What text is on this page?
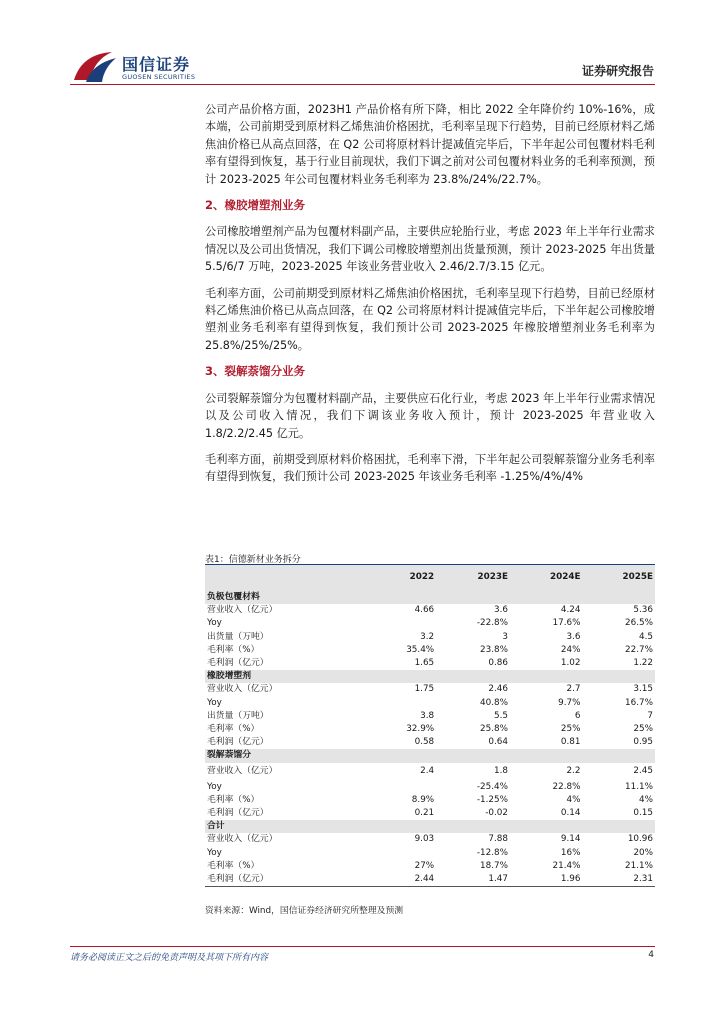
国信证券
GUOSEN SECURITIES	证券研究报告

公司产品价格方面，2023H1 产品价格有所下降，相比 2022 全年降价约 10%-16%，成本端，公司前期受到原材料乙烯焦油价格困扰，毛利率呈现下行趋势，目前已经原材料乙烯焦油价格已从高点回落，在 Q2 公司将原材料计提减值完毕后，下半年起公司包覆材料毛利率有望得到恢复，基于行业目前现状，我们下调之前对公司包覆材料业务的毛利率预测，预计 2023-2025 年公司包覆材料业务毛利率为 23.8%/24%/22.7%。

2、橡胶增塑剂业务

公司橡胶增塑剂产品为包覆材料副产品，主要供应轮胎行业，考虑 2023 年上半年行业需求情况以及公司出货情况，我们下调公司橡胶增塑剂出货量预测，预计 2023-2025 年出货量 5.5/6/7 万吨，2023-2025 年该业务营业收入 2.46/2.7/3.15 亿元。

毛利率方面，公司前期受到原材料乙烯焦油价格困扰，毛利率呈现下行趋势，目前已经原材料乙烯焦油价格已从高点回落，在 Q2 公司将原材料计提减值完毕后，下半年起公司橡胶增塑剂业务毛利率有望得到恢复，我们预计公司 2023-2025 年橡胶增塑剂业务毛利率为 25.8%/25%/25%。

3、裂解萘馏分业务

公司裂解萘馏分为包覆材料副产品，主要供应石化行业，考虑 2023 年上半年行业需求情况以及公司收入情况，我们下调该业务收入预计，预计 2023-2025 年营业收入 1.8/2.2/2.45 亿元。

毛利率方面，前期受到原材料价格困扰，毛利率下滑，下半年起公司裂解萘馏分业务毛利率有望得到恢复，我们预计公司 2023-2025 年该业务毛利率 -1.25%/4%/4%

表1：信德新材业务拆分
	2022	2023E	2024E	2025E
负极包覆材料				
营业收入（亿元）	4.66	3.6	4.24	5.36
Yoy		-22.8%	17.6%	26.5%
出货量（万吨）	3.2	3	3.6	4.5
毛利率（%）	35.4%	23.8%	24%	22.7%
毛利润（亿元）	1.65	0.86	1.02	1.22
橡胶增塑剂				
营业收入（亿元）	1.75	2.46	2.7	3.15
Yoy		40.8%	9.7%	16.7%
出货量（万吨）	3.8	5.5	6	7
毛利率（%）	32.9%	25.8%	25%	25%
毛利润（亿元）	0.58	0.64	0.81	0.95
裂解萘馏分				
营业收入（亿元）	2.4	1.8	2.2	2.45
Yoy		-25.4%	22.8%	11.1%
毛利率（%）	8.9%	-1.25%	4%	4%
毛利润（亿元）	0.21	-0.02	0.14	0.15
合计				
营业收入（亿元）	9.03	7.88	9.14	10.96
Yoy		-12.8%	16%	20%
毛利率（%）	27%	18.7%	21.4%	21.1%
毛利润（亿元）	2.44	1.47	1.96	2.31
资料来源：Wind，国信证券经济研究所整理及预测
请务必阅读正文之后的免责声明及其项下所有内容	4
